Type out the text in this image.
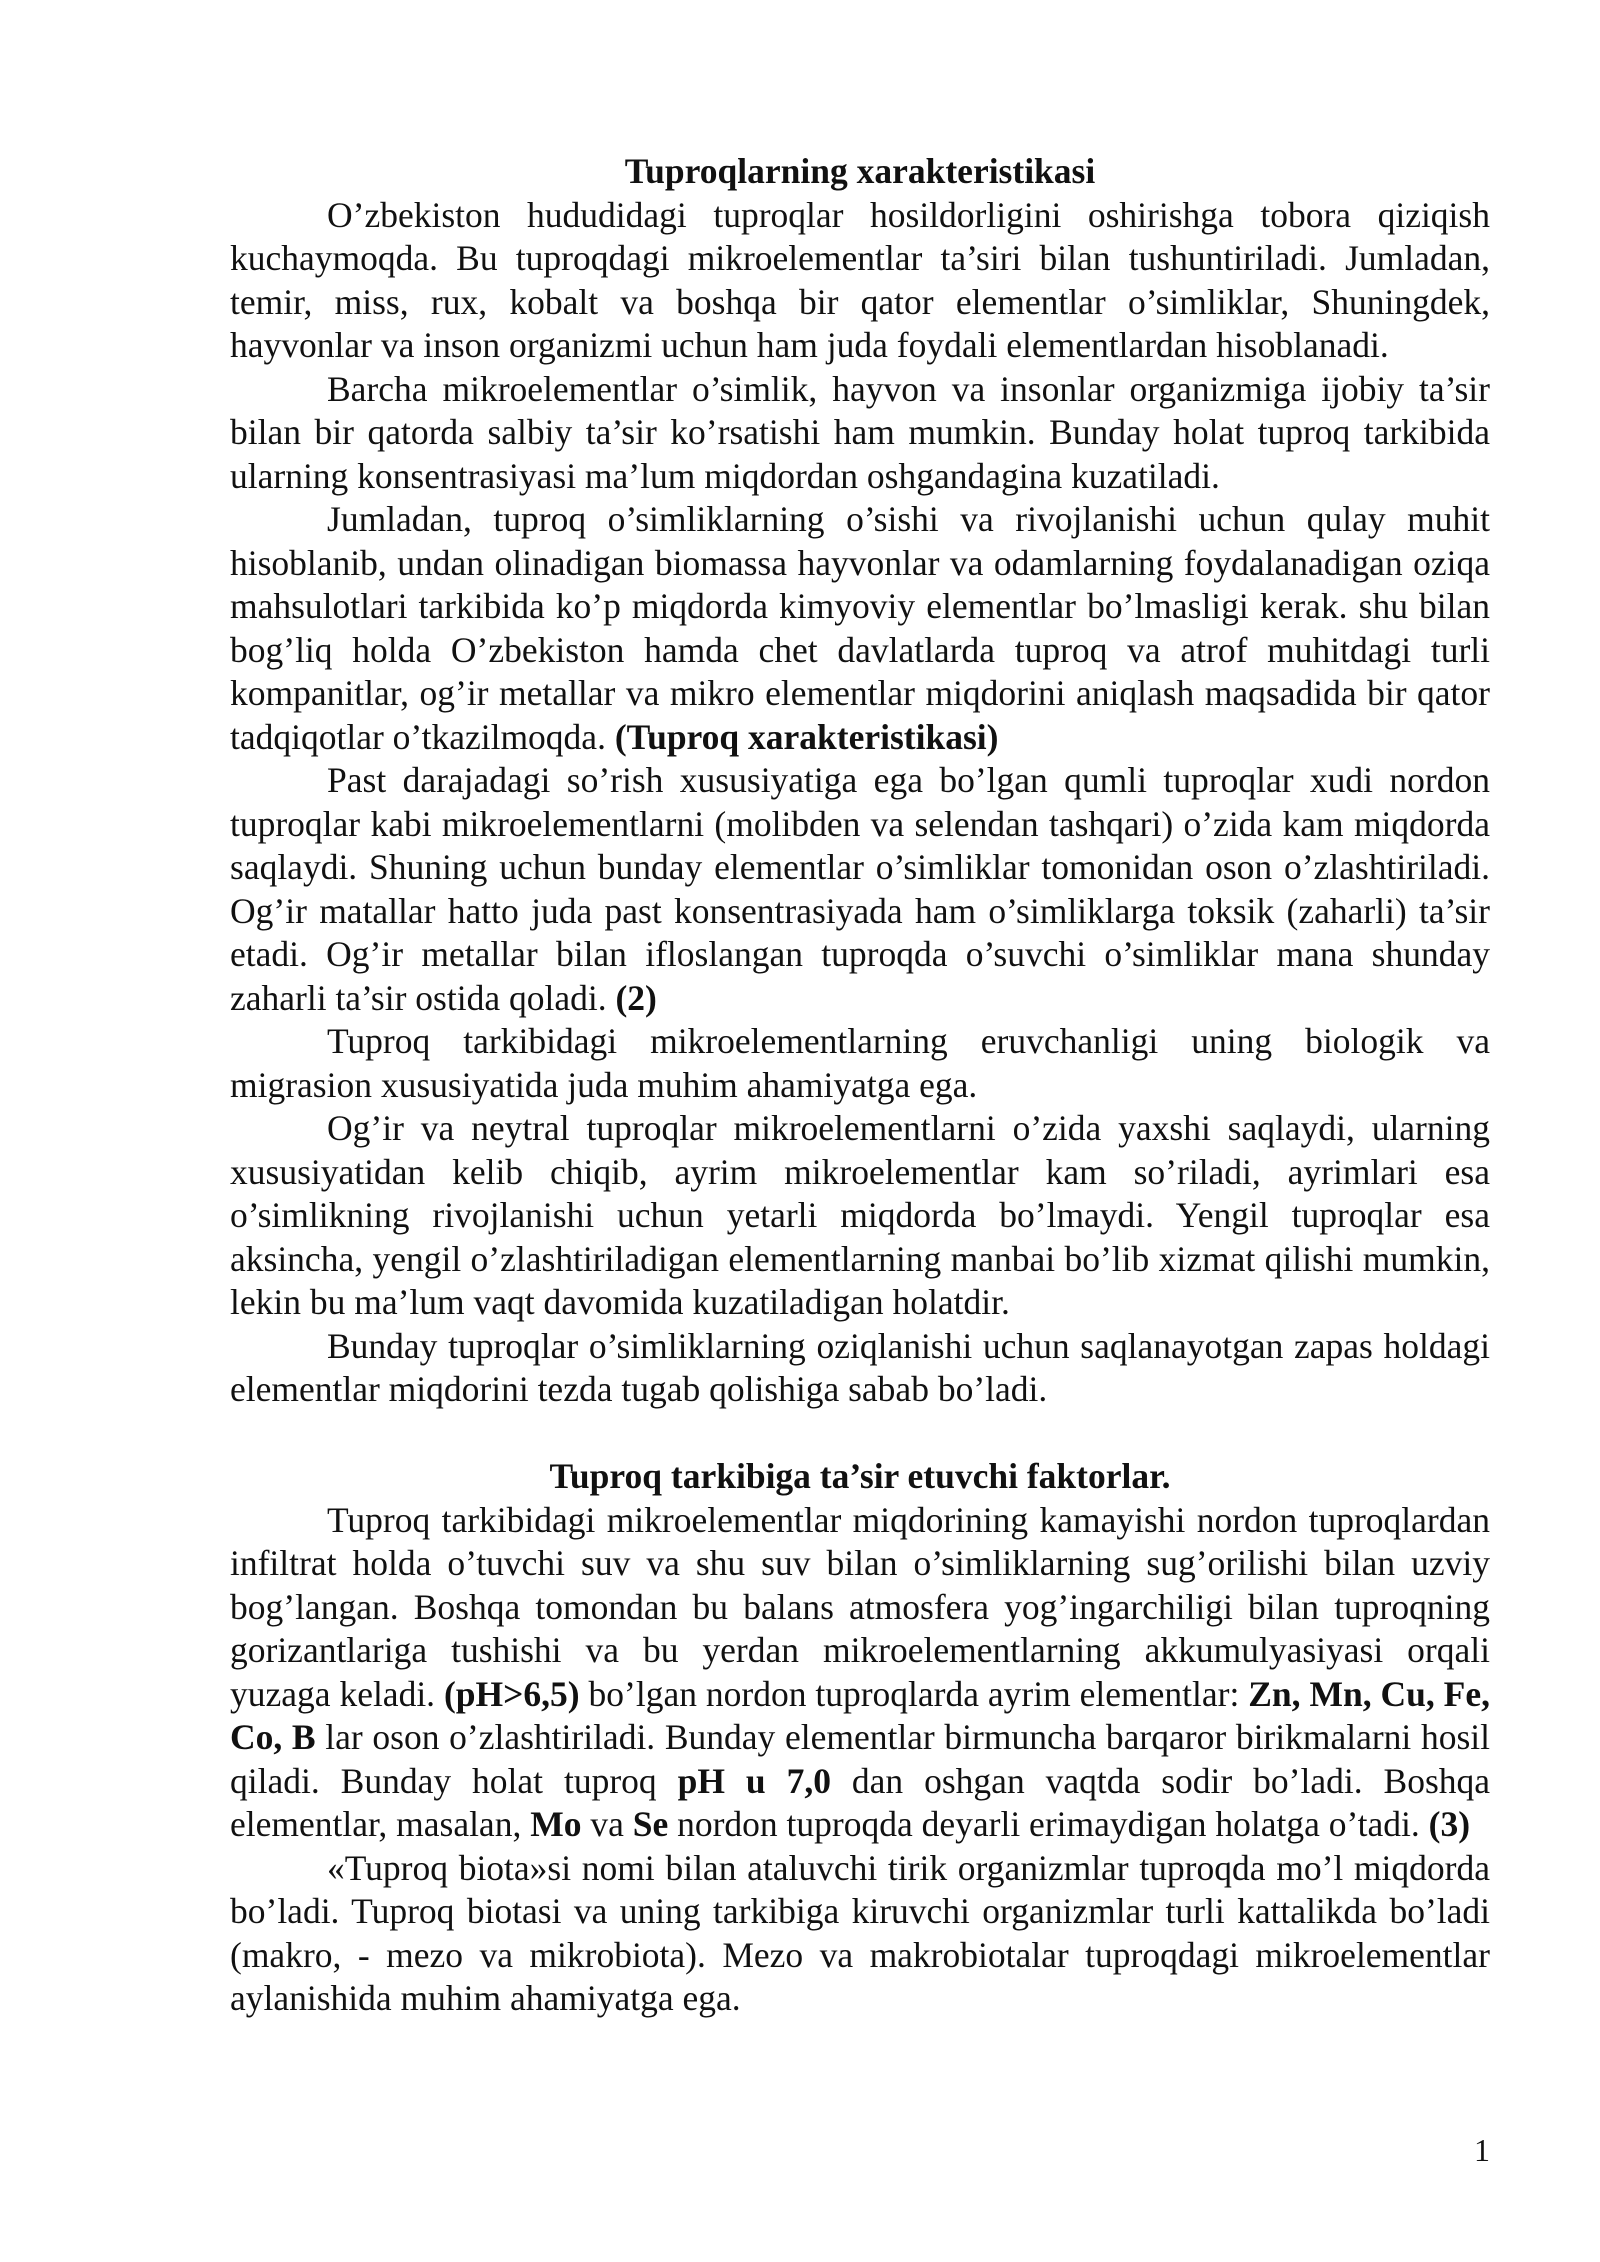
Tuproqlarning xarakteristikasi

O’zbekiston hududidagi tuproqlar hosildorligini oshirishga tobora qiziqish kuchaymoqda. Bu tuproqdagi mikroelementlar ta’siri bilan tushuntiriladi. Jumladan, temir, miss, rux, kobalt va boshqa bir qator elementlar o’simliklar, Shuningdek, hayvonlar va inson organizmi uchun ham juda foydali elementlardan hisoblanadi.

Barcha mikroelementlar o’simlik, hayvon va insonlar organizmiga ijobiy ta’sir bilan bir qatorda salbiy ta’sir ko’rsatishi ham mumkin. Bunday holat tuproq tarkibida ularning konsentrasiyasi ma’lum miqdordan oshgandagina kuzatiladi.

Jumladan, tuproq o’simliklarning o’sishi va rivojlanishi uchun qulay muhit hisoblanib, undan olinadigan biomassa hayvonlar va odamlarning foydalanadigan oziqa mahsulotlari tarkibida ko’p miqdorda kimyoviy elementlar bo’lmasligi kerak. shu bilan bog’liq holda O’zbekiston hamda chet davlatlarda tuproq va atrof muhitdagi turli kompanitlar, og’ir metallar va mikro elementlar miqdorini aniqlash maqsadida bir qator tadqiqotlar o’tkazilmoqda. (Tuproq xarakteristikasi)

Past darajadagi so’rish xususiyatiga ega bo’lgan qumli tuproqlar xudi nordon tuproqlar kabi mikroelementlarni (molibden va selendan tashqari) o’zida kam miqdorda saqlaydi. Shuning uchun bunday elementlar o’simliklar tomonidan oson o’zlashtiriladi. Og’ir matallar hatto juda past konsentrasiyada ham o’simliklarga toksik (zaharli) ta’sir etadi. Og’ir metallar bilan ifloslangan tuproqda o’suvchi o’simliklar mana shunday zaharli ta’sir ostida qoladi. (2)

Tuproq tarkibidagi mikroelementlarning eruvchanligi uning biologik va migrasion xususiyatida juda muhim ahamiyatga ega.

Og’ir va neytral tuproqlar mikroelementlarni o’zida yaxshi saqlaydi, ularning xususiyatidan kelib chiqib, ayrim mikroelementlar kam so’riladi, ayrimlari esa o’simlikning rivojlanishi uchun yetarli miqdorda bo’lmaydi. Yengil tuproqlar esa aksincha, yengil o’zlashtiriladigan elementlarning manbai bo’lib xizmat qilishi mumkin, lekin bu ma’lum vaqt davomida kuzatiladigan holatdir.

Bunday tuproqlar o’simliklarning oziqlanishi uchun saqlanayotgan zapas holdagi elementlar miqdorini tezda tugab qolishiga sabab bo’ladi.

Tuproq tarkibiga ta’sir etuvchi faktorlar.

Tuproq tarkibidagi mikroelementlar miqdorining kamayishi nordon tuproqlardan infiltrat holda o’tuvchi suv va shu suv bilan o’simliklarning sug’orilishi bilan uzviy bog’langan. Boshqa tomondan bu balans atmosfera yog’ingarchiligi bilan tuproqning gorizantlariga tushishi va bu yerdan mikroelementlarning akkumulyasiyasi orqali yuzaga keladi. (pH>6,5) bo’lgan nordon tuproqlarda ayrim elementlar: Zn, Mn, Cu, Fe, Co, B lar oson o’zlashtiriladi. Bunday elementlar birmuncha barqaror birikmalarni hosil qiladi. Bunday holat tuproq pH u 7,0 dan oshgan vaqtda sodir bo’ladi. Boshqa elementlar, masalan, Mo va Se nordon tuproqda deyarli erimaydigan holatga o’tadi. (3)

«Tuproq biota»si nomi bilan ataluvchi tirik organizmlar tuproqda mo’l miqdorda bo’ladi. Tuproq biotasi va uning tarkibiga kiruvchi organizmlar turli kattalikda bo’ladi (makro, - mezo va mikrobiota). Mezo va makrobiotalar tuproqdagi mikroelementlar aylanishida muhim ahamiyatga ega.

1
